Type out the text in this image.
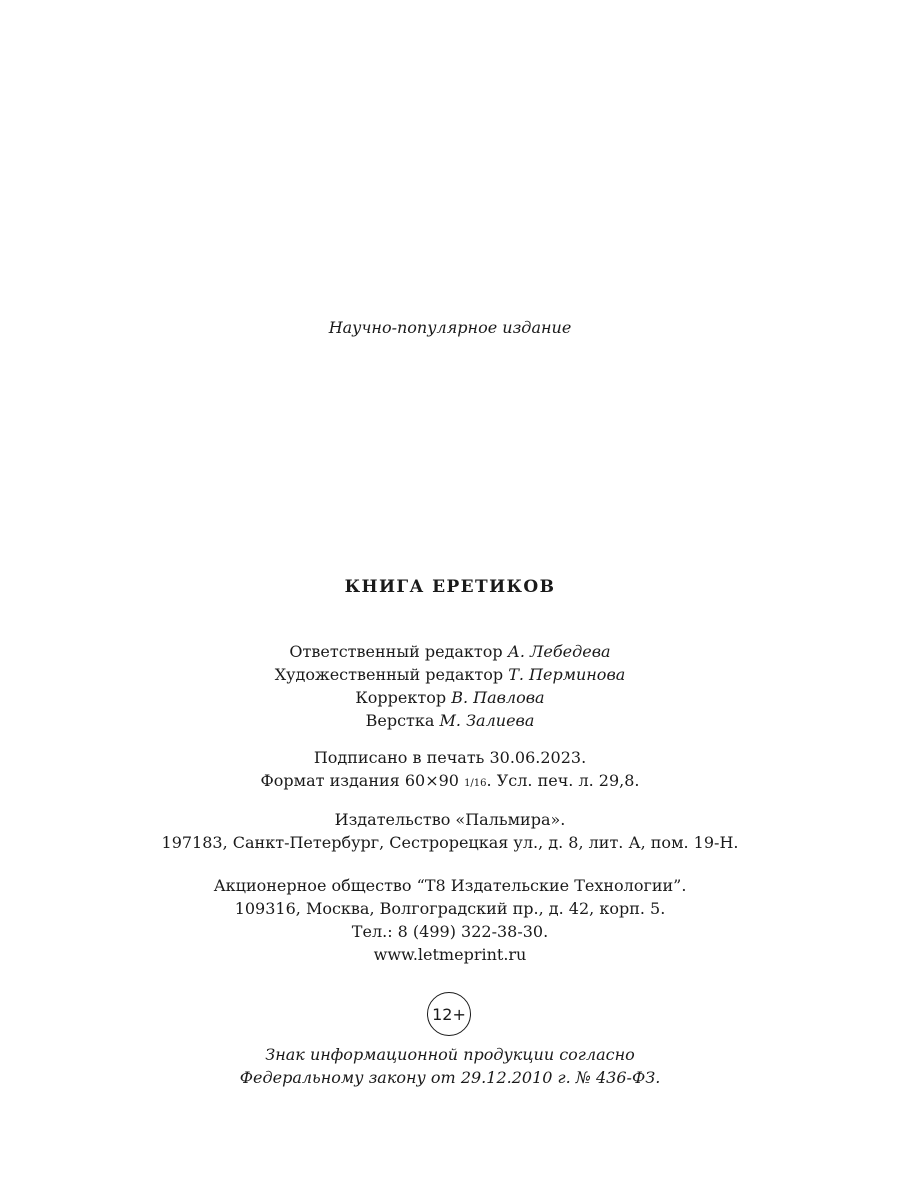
Научно-популярное издание
КНИГА ЕРЕТИКОВ
Ответственный редактор А. Лебедева
Художественный редактор Т. Перминова
Корректор В. Павлова
Верстка М. Залиева
Подписано в печать 30.06.2023.
Формат издания 60×90 1/16. Усл. печ. л. 29,8.
Издательство «Пальмира».
197183, Санкт-Петербург, Сестрорецкая ул., д. 8, лит. А, пом. 19-Н.
Акционерное общество “Т8 Издательские Технологии”.
109316, Москва, Волгоградский пр., д. 42, корп. 5.
Тел.: 8 (499) 322-38-30.
www.letmeprint.ru
12+
Знак информационной продукции согласно
Федеральному закону от 29.12.2010 г. № 436-ФЗ.
